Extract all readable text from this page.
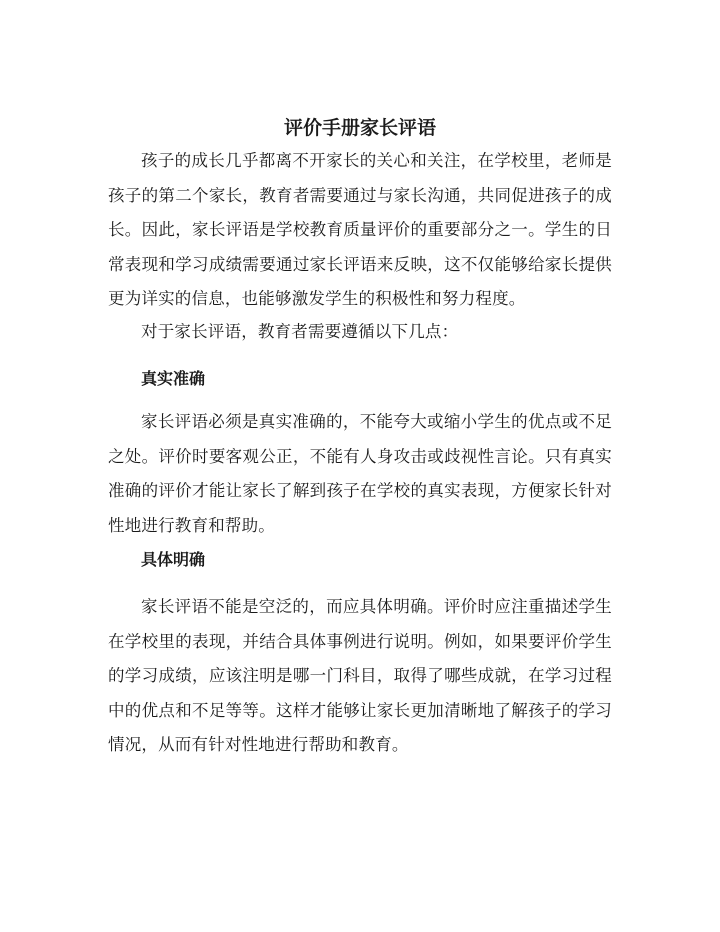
评价手册家长评语

孩子的成长几乎都离不开家长的关心和关注，在学校里，老师是孩子的第二个家长，教育者需要通过与家长沟通，共同促进孩子的成长。因此，家长评语是学校教育质量评价的重要部分之一。学生的日常表现和学习成绩需要通过家长评语来反映，这不仅能够给家长提供更为详实的信息，也能够激发学生的积极性和努力程度。

对于家长评语，教育者需要遵循以下几点：

真实准确

家长评语必须是真实准确的，不能夸大或缩小学生的优点或不足之处。评价时要客观公正，不能有人身攻击或歧视性言论。只有真实准确的评价才能让家长了解到孩子在学校的真实表现，方便家长针对性地进行教育和帮助。

具体明确

家长评语不能是空泛的，而应具体明确。评价时应注重描述学生在学校里的表现，并结合具体事例进行说明。例如，如果要评价学生的学习成绩，应该注明是哪一门科目，取得了哪些成就，在学习过程中的优点和不足等等。这样才能够让家长更加清晰地了解孩子的学习情况，从而有针对性地进行帮助和教育。
